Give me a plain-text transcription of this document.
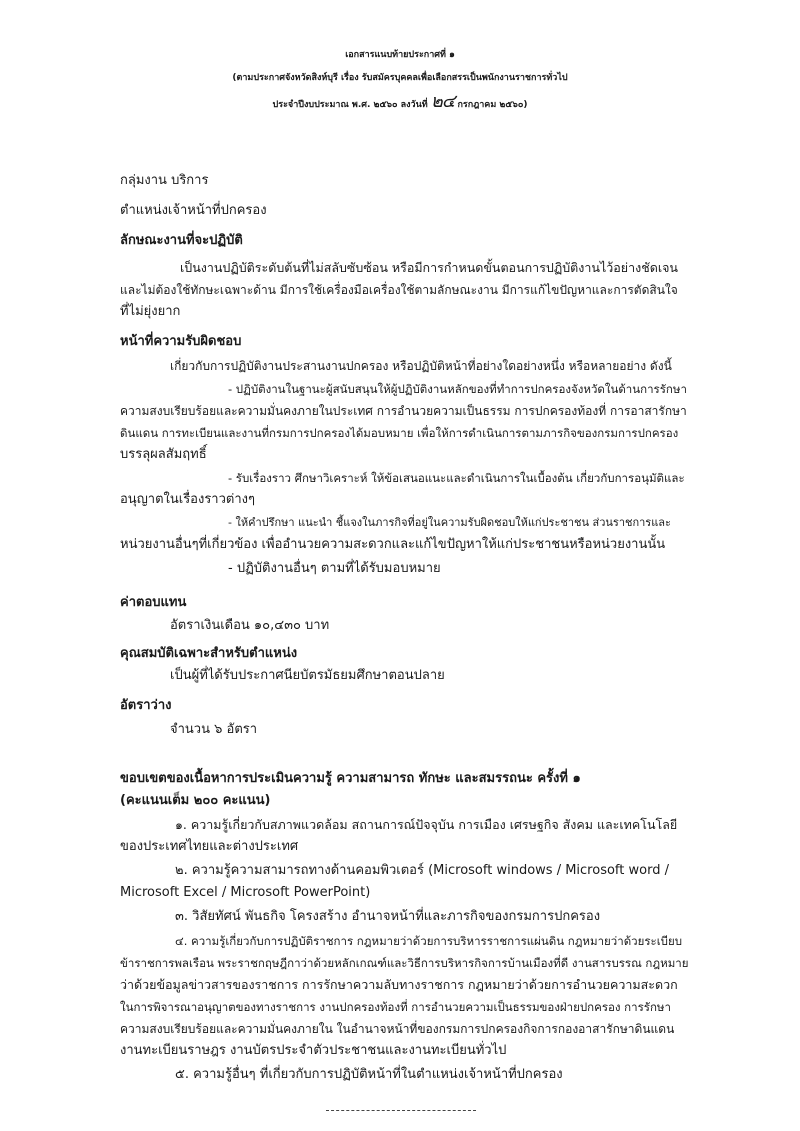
เอกสารแนบท้ายประกาศที่ ๑
(ตามประกาศจังหวัดสิงห์บุรี เรื่อง รับสมัครบุคคลเพื่อเลือกสรรเป็นพนักงานราชการทั่วไป
ประจำปีงบประมาณ พ.ศ. ๒๕๖๐ ลงวันที่ ๒๔ กรกฎาคม ๒๕๖๐)
กลุ่มงาน บริการ
ตำแหน่งเจ้าหน้าที่ปกครอง
ลักษณะงานที่จะปฏิบัติ
เป็นงานปฏิบัติระดับต้นที่ไม่สลับซับซ้อน หรือมีการกำหนดขั้นตอนการปฏิบัติงานไว้อย่างชัดเจน
และไม่ต้องใช้ทักษะเฉพาะด้าน มีการใช้เครื่องมือเครื่องใช้ตามลักษณะงาน มีการแก้ไขปัญหาและการตัดสินใจ
ที่ไม่ยุ่งยาก
หน้าที่ความรับผิดชอบ
เกี่ยวกับการปฏิบัติงานประสานงานปกครอง หรือปฏิบัติหน้าที่อย่างใดอย่างหนึ่ง หรือหลายอย่าง ดังนี้
- ปฏิบัติงานในฐานะผู้สนับสนุนให้ผู้ปฏิบัติงานหลักของที่ทำการปกครองจังหวัดในด้านการรักษา
ความสงบเรียบร้อยและความมั่นคงภายในประเทศ การอำนวยความเป็นธรรม การปกครองท้องที่ การอาสารักษา
ดินแดน การทะเบียนและงานที่กรมการปกครองได้มอบหมาย เพื่อให้การดำเนินการตามภารกิจของกรมการปกครอง
บรรลุผลสัมฤทธิ์
- รับเรื่องราว ศึกษาวิเคราะห์ ให้ข้อเสนอแนะและดำเนินการในเบื้องต้น เกี่ยวกับการอนุมัติและ
อนุญาตในเรื่องราวต่างๆ
- ให้คำปรึกษา แนะนำ ชี้แจงในภารกิจที่อยู่ในความรับผิดชอบให้แก่ประชาชน ส่วนราชการและ
หน่วยงานอื่นๆที่เกี่ยวข้อง เพื่ออำนวยความสะดวกและแก้ไขปัญหาให้แก่ประชาชนหรือหน่วยงานนั้น
- ปฏิบัติงานอื่นๆ ตามที่ได้รับมอบหมาย
ค่าตอบแทน
อัตราเงินเดือน ๑๐,๔๓๐ บาท
คุณสมบัติเฉพาะสำหรับตำแหน่ง
เป็นผู้ที่ได้รับประกาศนียบัตรมัธยมศึกษาตอนปลาย
อัตราว่าง
จำนวน ๖ อัตรา
ขอบเขตของเนื้อหาการประเมินความรู้ ความสามารถ ทักษะ และสมรรถนะ ครั้งที่ ๑
(คะแนนเต็ม ๒๐๐ คะแนน)
๑. ความรู้เกี่ยวกับสภาพแวดล้อม สถานการณ์ปัจจุบัน การเมือง เศรษฐกิจ สังคม และเทคโนโลยี
ของประเทศไทยและต่างประเทศ
๒. ความรู้ความสามารถทางด้านคอมพิวเตอร์ (Microsoft windows / Microsoft word /
Microsoft Excel / Microsoft PowerPoint)
๓. วิสัยทัศน์ พันธกิจ โครงสร้าง อำนาจหน้าที่และภารกิจของกรมการปกครอง
๔. ความรู้เกี่ยวกับการปฏิบัติราชการ กฎหมายว่าด้วยการบริหารราชการแผ่นดิน กฎหมายว่าด้วยระเบียบ
ข้าราชการพลเรือน พระราชกฤษฎีกาว่าด้วยหลักเกณฑ์และวิธีการบริหารกิจการบ้านเมืองที่ดี งานสารบรรณ กฎหมาย
ว่าด้วยข้อมูลข่าวสารของราชการ การรักษาความลับทางราชการ กฎหมายว่าด้วยการอำนวยความสะดวก
ในการพิจารณาอนุญาตของทางราชการ งานปกครองท้องที่ การอำนวยความเป็นธรรมของฝ่ายปกครอง การรักษา
ความสงบเรียบร้อยและความมั่นคงภายใน ในอำนาจหน้าที่ของกรมการปกครองกิจการกองอาสารักษาดินแดน
งานทะเบียนราษฎร งานบัตรประจำตัวประชาชนและงานทะเบียนทั่วไป
๕. ความรู้อื่นๆ ที่เกี่ยวกับการปฏิบัติหน้าที่ในตำแหน่งเจ้าหน้าที่ปกครอง
